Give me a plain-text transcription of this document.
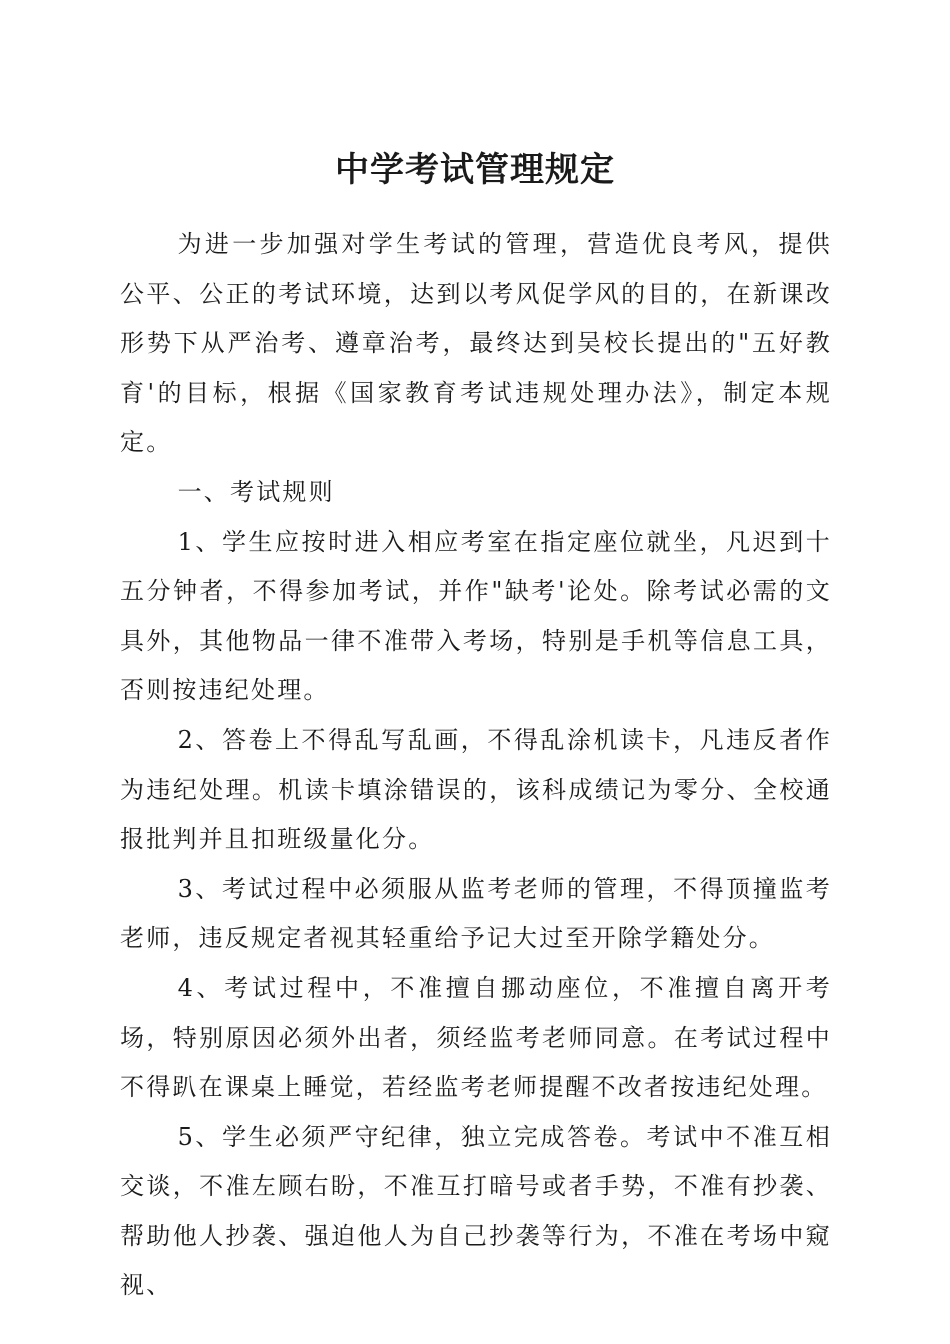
中学考试管理规定

为进一步加强对学生考试的管理，营造优良考风，提供公平、公正的考试环境，达到以考风促学风的目的，在新课改形势下从严治考、遵章治考，最终达到吴校长提出的"五好教育'的目标，根据《国家教育考试违规处理办法》，制定本规定。

一、考试规则

1、学生应按时进入相应考室在指定座位就坐，凡迟到十五分钟者，不得参加考试，并作"缺考'论处。除考试必需的文具外，其他物品一律不准带入考场，特别是手机等信息工具，否则按违纪处理。

2、答卷上不得乱写乱画，不得乱涂机读卡，凡违反者作为违纪处理。机读卡填涂错误的，该科成绩记为零分、全校通报批判并且扣班级量化分。

3、考试过程中必须服从监考老师的管理，不得顶撞监考老师，违反规定者视其轻重给予记大过至开除学籍处分。

4、考试过程中，不准擅自挪动座位，不准擅自离开考场，特别原因必须外出者，须经监考老师同意。在考试过程中不得趴在课桌上睡觉，若经监考老师提醒不改者按违纪处理。

5、学生必须严守纪律，独立完成答卷。考试中不准互相交谈，不准左顾右盼，不准互打暗号或者手势，不准有抄袭、帮助他人抄袭、强迫他人为自己抄袭等行为，不准在考场中窥视、
